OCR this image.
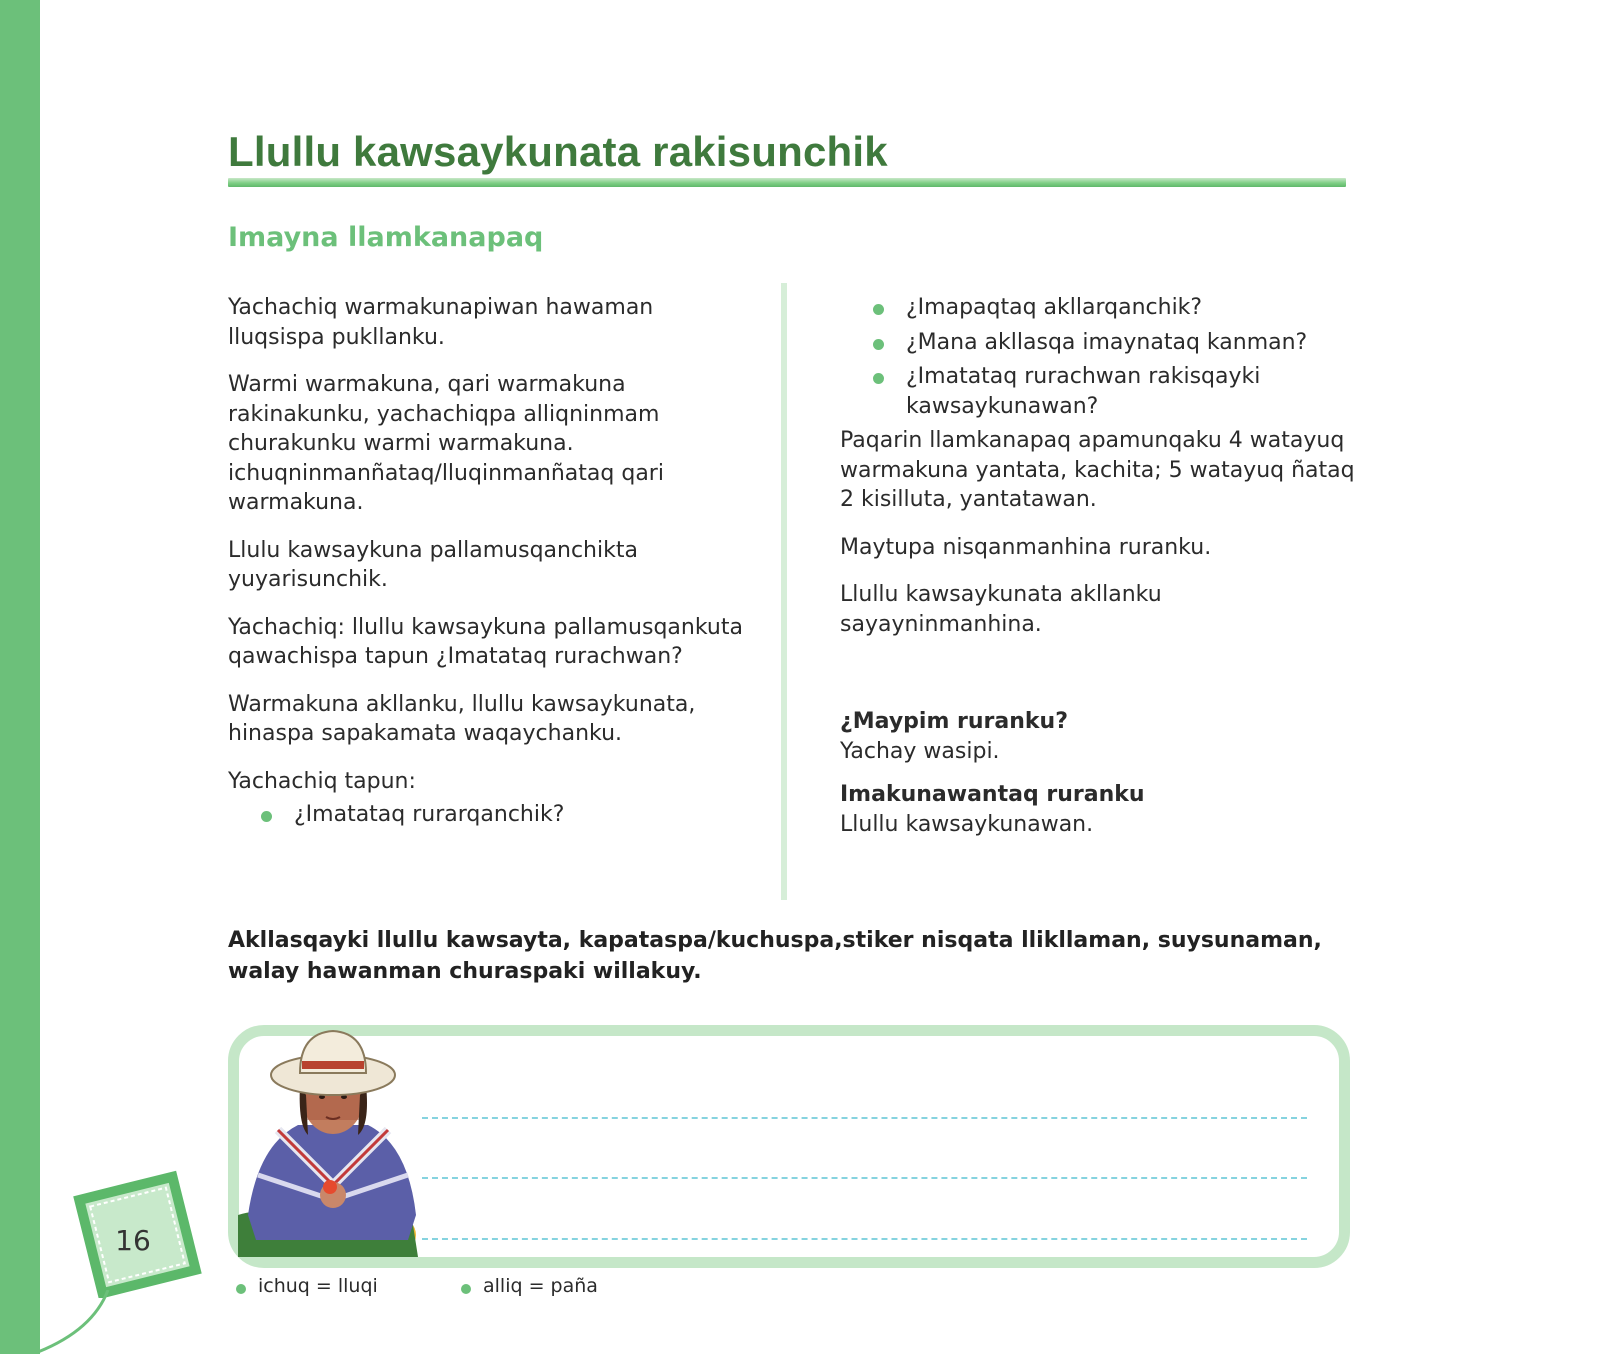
Llullu kawsaykunata rakisunchik
Imayna llamkanapaq

Yachachiq warmakunapiwan hawaman lluqsispa pukllanku.

Warmi warmakuna, qari warmakuna rakinakunku, yachachiqpa alliqninmam churakunku warmi warmakuna. ichuqninmanñataq/lluqinmanñataq qari warmakuna.

Llulu kawsaykuna pallamusqanchikta yuyarisunchik.

Yachachiq: llullu kawsaykuna pallamusqankuta qawachispa tapun ¿Imatataq rurachwan?

Warmakuna akllanku, llullu kawsaykunata, hinaspa sapakamata waqaychanku.

Yachachiq tapun:

¿Imatataq rurarqanchik?
¿Imapaqtaq akllarqanchik?
¿Mana akllasqa imaynataq kanman?
¿Imatataq rurachwan rakisqayki kawsaykunawan?

Paqarin llamkanapaq apamunqaku 4 watayuq warmakuna yantata, kachita; 5 watayuq ñataq 2 kisilluta, yantatawan.

Maytupa nisqanmanhina ruranku.

Llullu kawsaykunata akllanku sayayninmanhina.

¿Maypim ruranku?

Yachay wasipi.

Imakunawantaq ruranku

Llullu kawsaykunawan.

Akllasqayki llullu kawsayta, kapataspa/kuchuspa,stiker nisqata llikllaman, suysunaman, walay hawanman churaspaki willakuy.

16
ichuq = lluqi	alliq = paña
